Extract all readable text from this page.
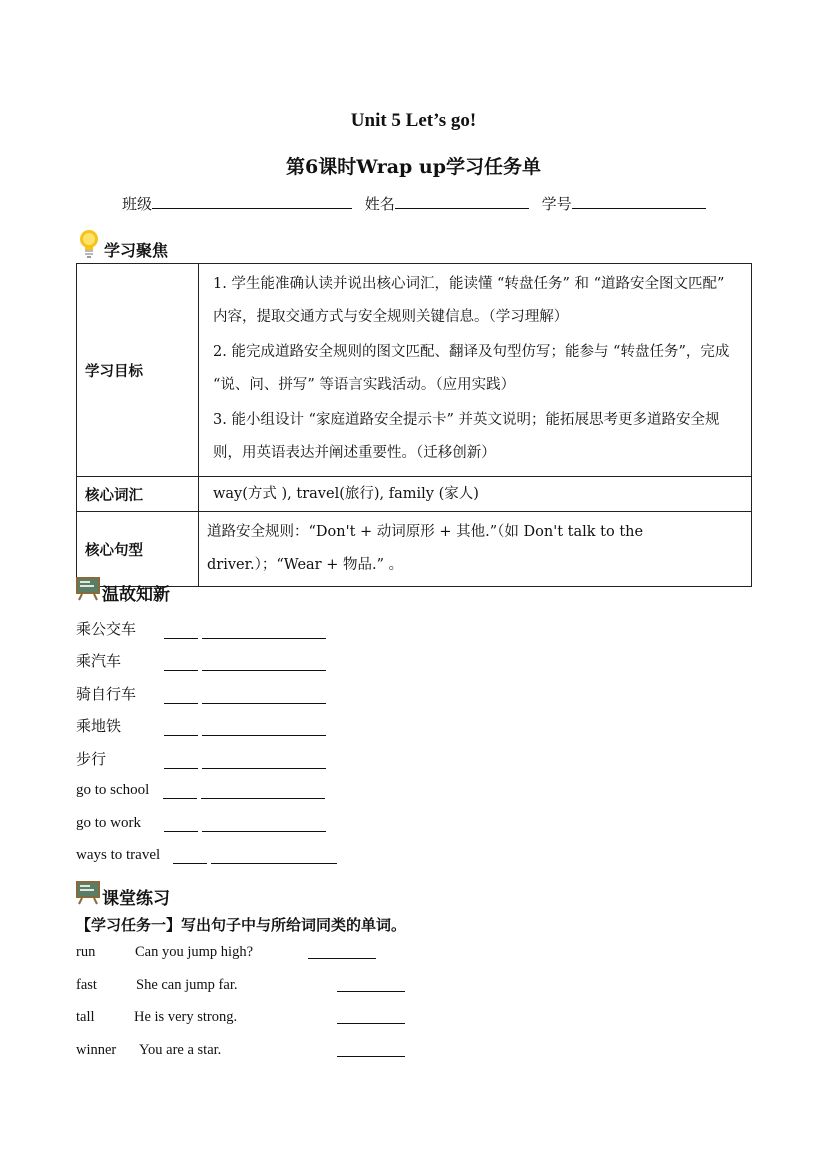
Unit 5 Let’s go!
第6课时Wrap up学习任务单
班级	姓名	学号
学习聚焦
学习目标	1. 学生能准确认读并说出核心词汇，能读懂 “转盘任务” 和 “道路安全图文匹配” 内容，提取交通方式与安全规则关键信息。（学习理解）

2. 能完成道路安全规则的图文匹配、翻译及句型仿写；能参与 “转盘任务”，完成 “说、问、拼写” 等语言实践活动。（应用实践）

3. 能小组设计 “家庭道路安全提示卡” 并英文说明；能拓展思考更多道路安全规则，用英语表达并阐述重要性。（迁移创新）

核心词汇	way(方式 ), travel(旅行), family (家人)
核心句型	道路安全规则：“Don't + 动词原形 + 其他.”（如 Don't talk to the driver.）；“Wear + 物品.” 。
温故知新
乘公交车
乘汽车
骑自行车
乘地铁
步行
go to school
go to work
ways to travel
课堂练习
【学习任务一】写出句子中与所给词同类的单词。
run	Can you jump high?
fast	She can jump far.
tall	He is very strong.
winner You are a star.
